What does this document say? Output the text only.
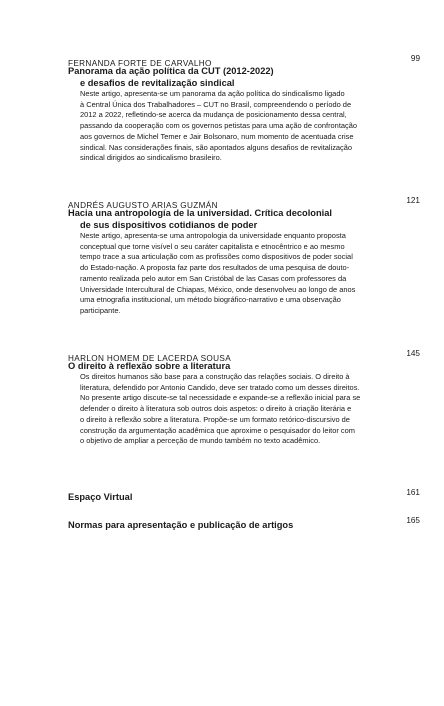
FERNANDA FORTE DE CARVALHO
99
Panorama da ação política da CUT (2012-2022)
e desafios de revitalização sindical
Neste artigo, apresenta-se um panorama da ação política do sindicalismo ligado
à Central Única dos Trabalhadores – CUT no Brasil, compreendendo o período de
2012 a 2022, refletindo-se acerca da mudança de posicionamento dessa central,
passando da cooperação com os governos petistas para uma ação de confrontação
aos governos de Michel Temer e Jair Bolsonaro, num momento de acentuada crise
sindical. Nas considerações finais, são apontados alguns desafios de revitalização
sindical dirigidos ao sindicalismo brasileiro.
ANDRÉS AUGUSTO ARIAS GUZMÁN
121
Hacia una antropología de la universidad. Crítica decolonial
de sus dispositivos cotidianos de poder
Neste artigo, apresenta-se uma antropologia da universidade enquanto proposta
conceptual que torne visível o seu caráter capitalista e etnocêntrico e ao mesmo
tempo trace a sua articulação com as profissões como dispositivos de poder social
do Estado-nação. A proposta faz parte dos resultados de uma pesquisa de douto-
ramento realizada pelo autor em San Cristóbal de las Casas com professores da
Universidade Intercultural de Chiapas, México, onde desenvolveu ao longo de anos
uma etnografia institucional, um método biográfico-narrativo e uma observação
participante.
HARLON HOMEM DE LACERDA SOUSA
145
O direito à reflexão sobre a literatura
Os direitos humanos são base para a construção das relações sociais. O direito à
literatura, defendido por Antonio Candido, deve ser tratado como um desses direitos.
No presente artigo discute-se tal necessidade e expande-se a reflexão inicial para se
defender o direito à literatura sob outros dois aspetos: o direito à criação literária e
o direito à reflexão sobre a literatura. Propõe-se um formato retórico-discursivo de
construção da argumentação acadêmica que aproxime o pesquisador do leitor com
o objetivo de ampliar a perceção de mundo também no texto acadêmico.
Espaço Virtual	161
Normas para apresentação e publicação de artigos	165
